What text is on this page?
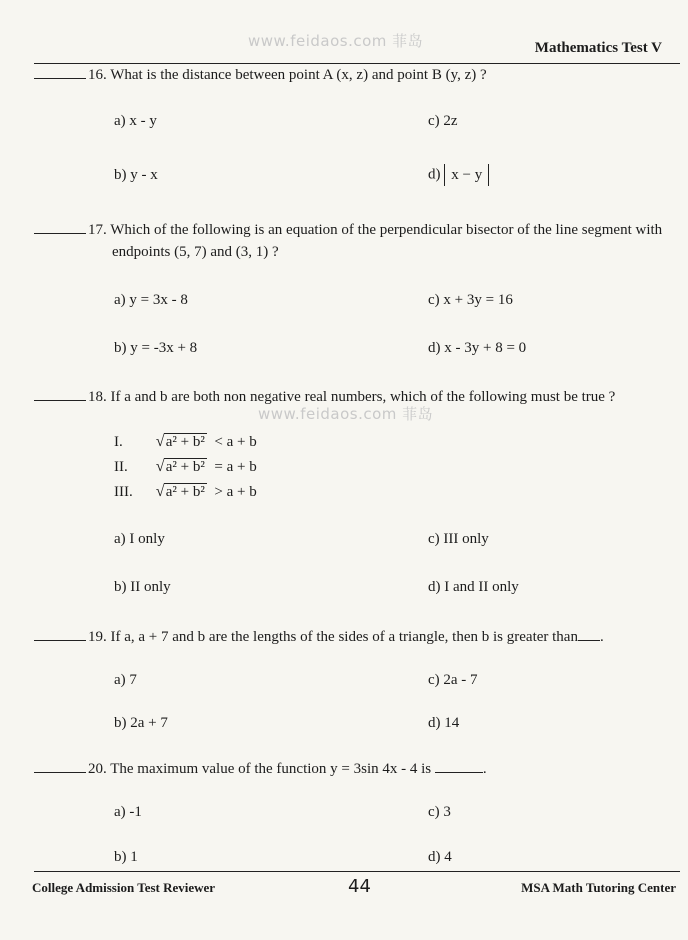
www.feidaos.com 菲岛
www.feidaos.com 菲岛
Mathematics Test V
16. What is the distance between point A (x, z) and point B (y, z) ?
a) x - y	c) 2z
b) y - x	d) x − y
17. Which of the following is an equation of the perpendicular bisector of the line segment with
endpoints (5, 7) and (3, 1) ?
a) y = 3x - 8	c) x + 3y = 16
b) y = -3x + 8	d) x - 3y + 8 = 0
18. If a and b are both non negative real numbers, which of the following must be true ?
I. √ a² + b² < a + b
II. √ a² + b² = a + b
III. √ a² + b² > a + b
a) I only	c) III only
b) II only	d) I and II only
19. If a, a + 7 and b are the lengths of the sides of a triangle, then b is greater than .
a) 7	c) 2a - 7
b) 2a + 7	d) 14
20. The maximum value of the function y = 3sin 4x - 4 is	.
a) -1	c) 3
b) 1	d) 4
College Admission Test Reviewer	44	MSA Math Tutoring Center
